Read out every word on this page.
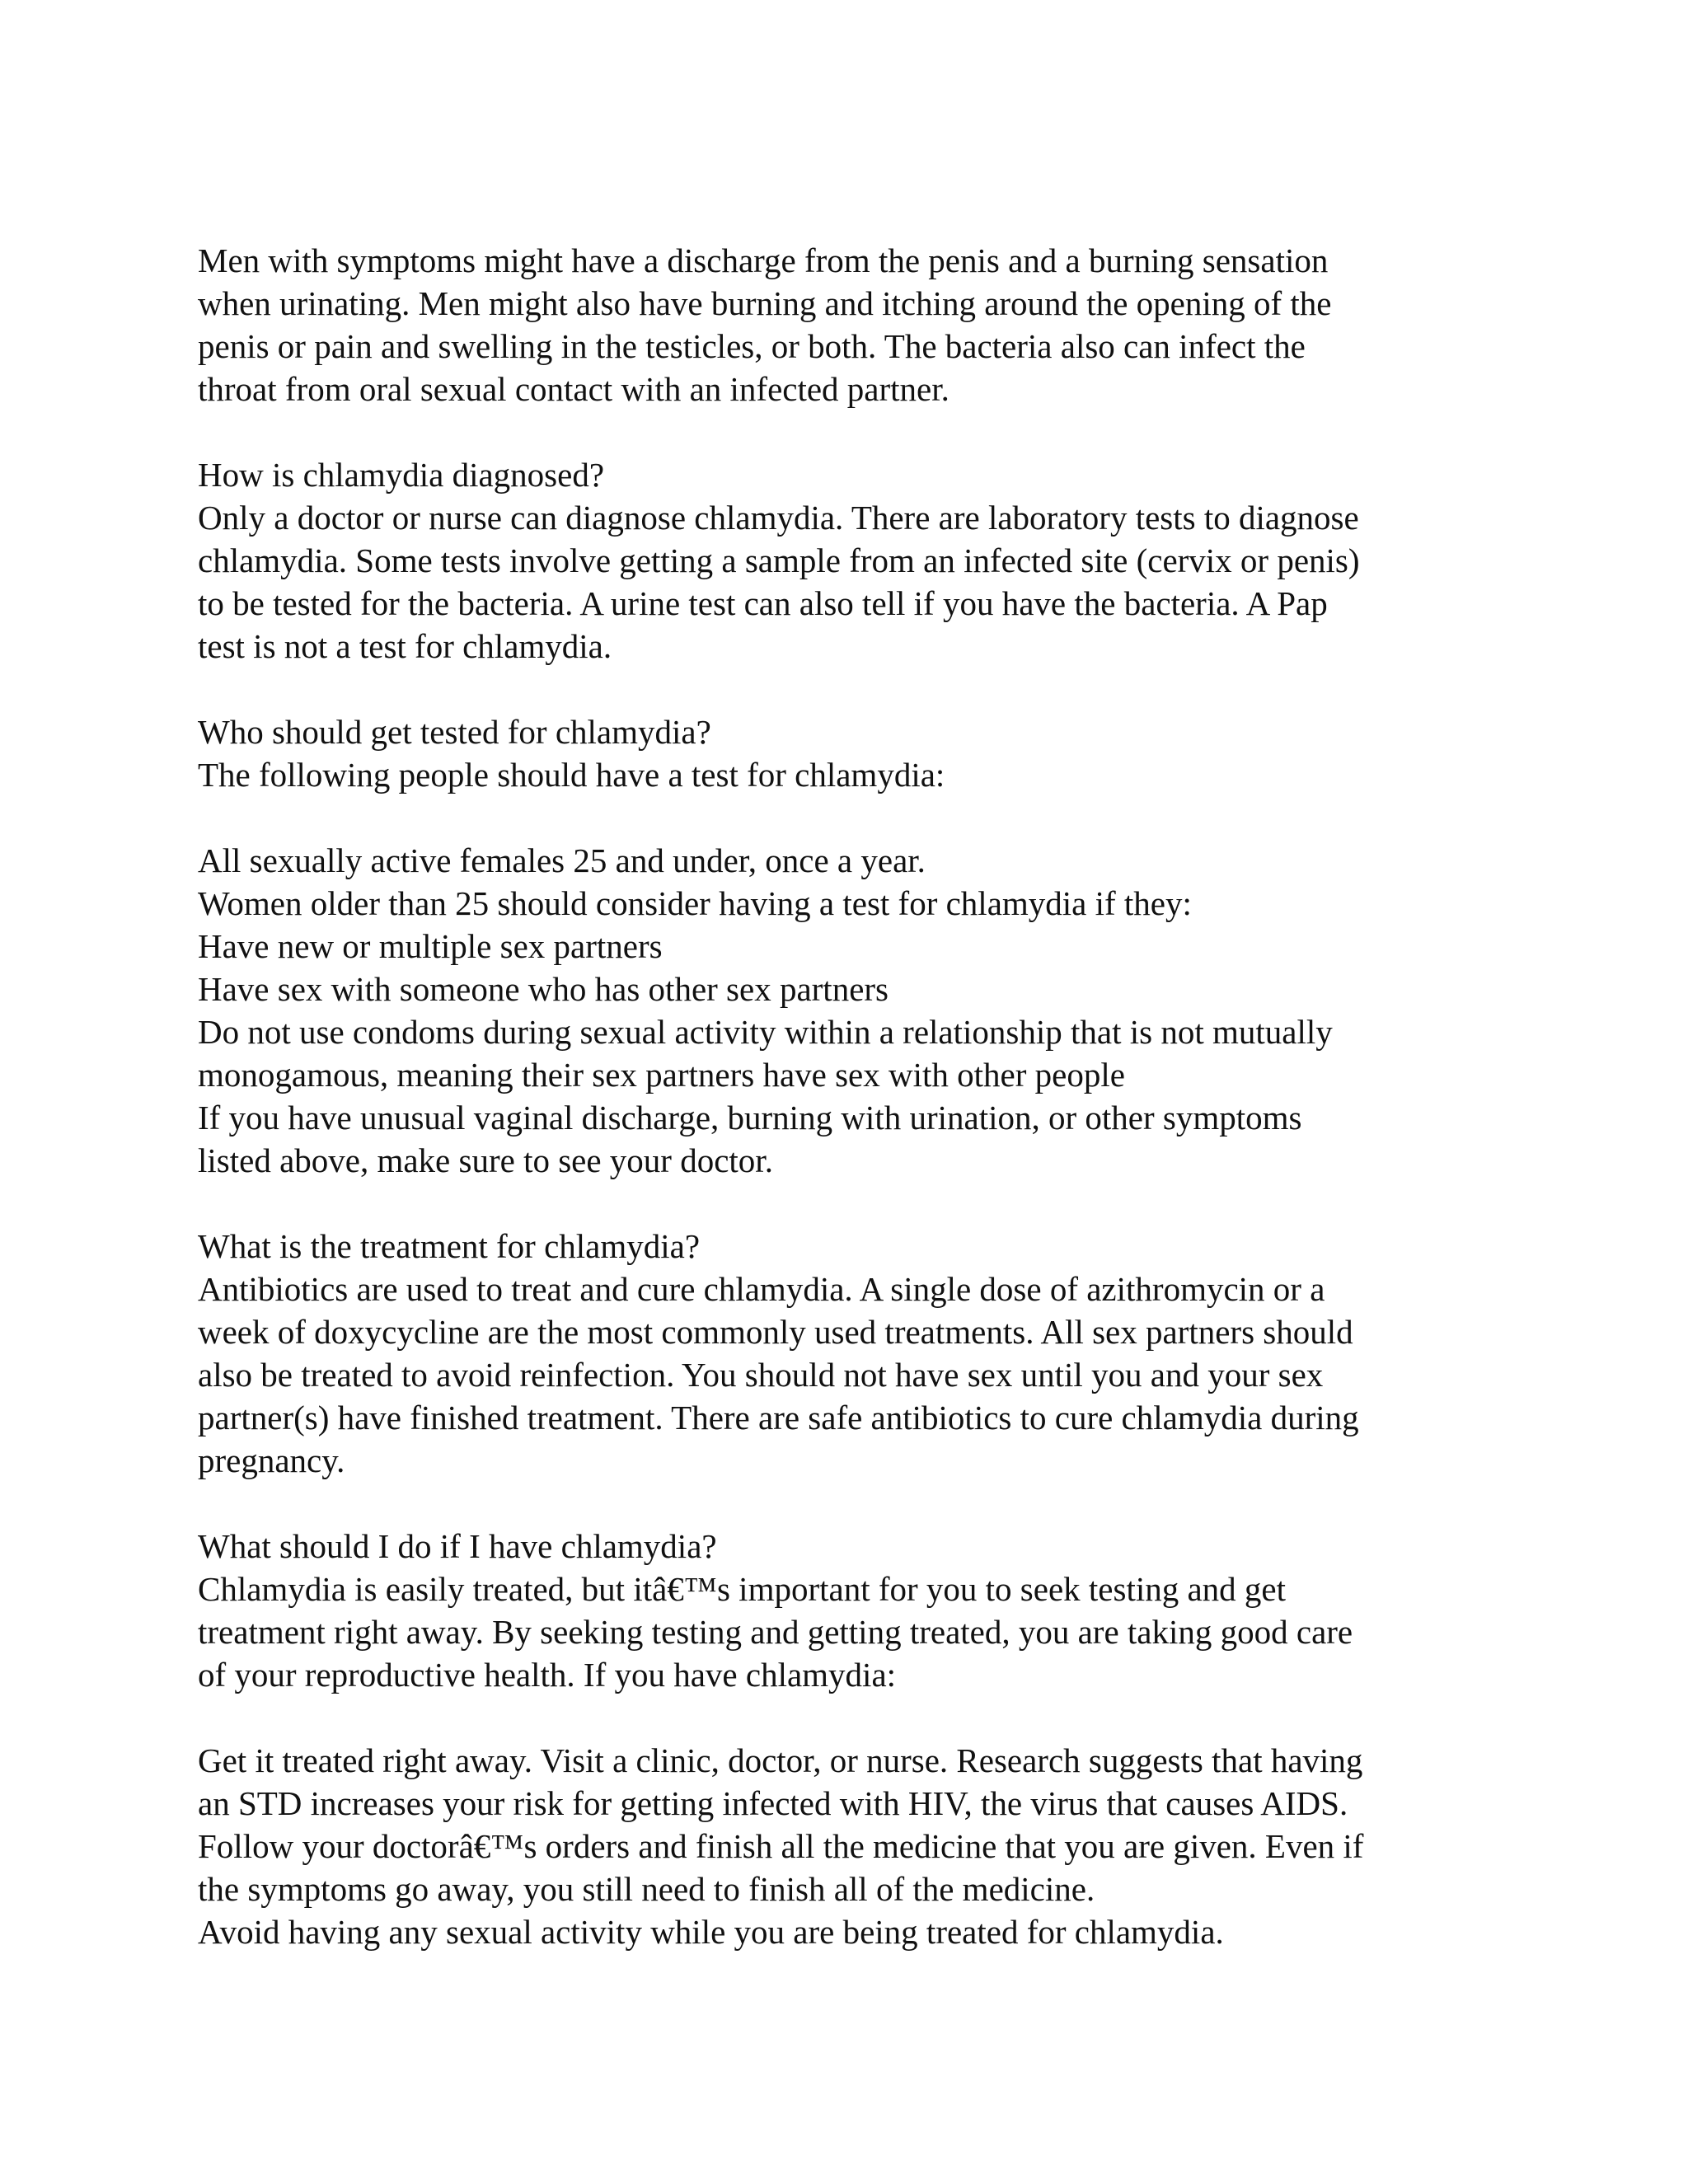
Men with symptoms might have a discharge from the penis and a burning sensation
when urinating. Men might also have burning and itching around the opening of the
penis or pain and swelling in the testicles, or both. The bacteria also can infect the
throat from oral sexual contact with an infected partner.
How is chlamydia diagnosed?
Only a doctor or nurse can diagnose chlamydia. There are laboratory tests to diagnose
chlamydia. Some tests involve getting a sample from an infected site (cervix or penis)
to be tested for the bacteria. A urine test can also tell if you have the bacteria. A Pap
test is not a test for chlamydia.
Who should get tested for chlamydia?
The following people should have a test for chlamydia:
All sexually active females 25 and under, once a year.
Women older than 25 should consider having a test for chlamydia if they:
Have new or multiple sex partners
Have sex with someone who has other sex partners
Do not use condoms during sexual activity within a relationship that is not mutually
monogamous, meaning their sex partners have sex with other people
If you have unusual vaginal discharge, burning with urination, or other symptoms
listed above, make sure to see your doctor.
What is the treatment for chlamydia?
Antibiotics are used to treat and cure chlamydia. A single dose of azithromycin or a
week of doxycycline are the most commonly used treatments. All sex partners should
also be treated to avoid reinfection. You should not have sex until you and your sex
partner(s) have finished treatment. There are safe antibiotics to cure chlamydia during
pregnancy.
What should I do if I have chlamydia?
Chlamydia is easily treated, but itâ€™s important for you to seek testing and get
treatment right away. By seeking testing and getting treated, you are taking good care
of your reproductive health. If you have chlamydia:
Get it treated right away. Visit a clinic, doctor, or nurse. Research suggests that having
an STD increases your risk for getting infected with HIV, the virus that causes AIDS.
Follow your doctorâ€™s orders and finish all the medicine that you are given. Even if
the symptoms go away, you still need to finish all of the medicine.
Avoid having any sexual activity while you are being treated for chlamydia.
